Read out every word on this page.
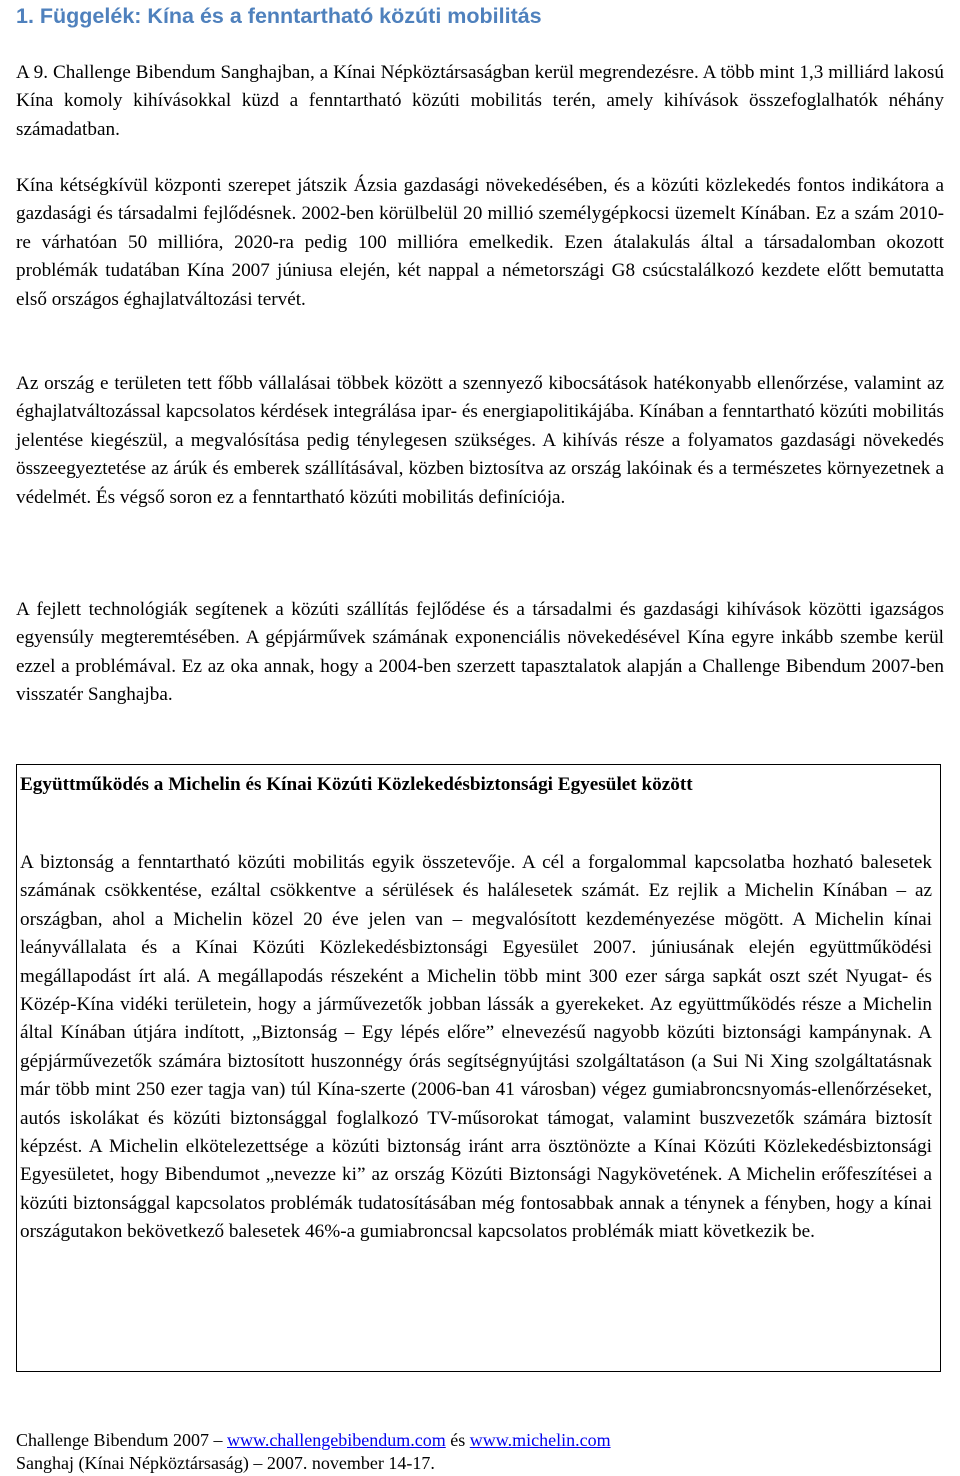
1. Függelék: Kína és a fenntartható közúti mobilitás

A 9. Challenge Bibendum Sanghajban, a Kínai Népköztársaságban kerül megrendezésre. A több mint 1,3 milliárd lakosú Kína komoly kihívásokkal küzd a fenntartható közúti mobilitás terén, amely kihívások összefoglalhatók néhány számadatban.

Kína kétségkívül központi szerepet játszik Ázsia gazdasági növekedésében, és a közúti közlekedés fontos indikátora a gazdasági és társadalmi fejlődésnek. 2002-ben körülbelül 20 millió személygépkocsi üzemelt Kínában. Ez a szám 2010-re várhatóan 50 millióra, 2020-ra pedig 100 millióra emelkedik. Ezen átalakulás által a társadalomban okozott problémák tudatában Kína 2007 júniusa elején, két nappal a németországi G8 csúcstalálkozó kezdete előtt bemutatta első országos éghajlatváltozási tervét.

Az ország e területen tett főbb vállalásai többek között a szennyező kibocsátások hatékonyabb ellenőrzése, valamint az éghajlatváltozással kapcsolatos kérdések integrálása ipar- és energiapolitikájába. Kínában a fenntartható közúti mobilitás jelentése kiegészül, a megvalósítása pedig ténylegesen szükséges. A kihívás része a folyamatos gazdasági növekedés összeegyeztetése az árúk és emberek szállításával, közben biztosítva az ország lakóinak és a természetes környezetnek a védelmét. És végső soron ez a fenntartható közúti mobilitás definíciója.

A fejlett technológiák segítenek a közúti szállítás fejlődése és a társadalmi és gazdasági kihívások közötti igazságos egyensúly megteremtésében. A gépjárművek számának exponenciális növekedésével Kína egyre inkább szembe kerül ezzel a problémával. Ez az oka annak, hogy a 2004-ben szerzett tapasztalatok alapján a Challenge Bibendum 2007-ben visszatér Sanghajba.

Együttműködés a Michelin és Kínai Közúti Közlekedésbiztonsági Egyesület között

A biztonság a fenntartható közúti mobilitás egyik összetevője. A cél a forgalommal kapcsolatba hozható balesetek számának csökkentése, ezáltal csökkentve a sérülések és halálesetek számát. Ez rejlik a Michelin Kínában – az országban, ahol a Michelin közel 20 éve jelen van – megvalósított kezdeményezése mögött. A Michelin kínai leányvállalata és a Kínai Közúti Közlekedésbiztonsági Egyesület 2007. júniusának elején együttműködési megállapodást írt alá. A megállapodás részeként a Michelin több mint 300 ezer sárga sapkát oszt szét Nyugat- és Közép-Kína vidéki területein, hogy a járművezetők jobban lássák a gyerekeket. Az együttműködés része a Michelin által Kínában útjára indított, „Biztonság – Egy lépés előre” elnevezésű nagyobb közúti biztonsági kampánynak. A gépjárművezetők számára biztosított huszonnégy órás segítségnyújtási szolgáltatáson (a Sui Ni Xing szolgáltatásnak már több mint 250 ezer tagja van) túl Kína-szerte (2006-ban 41 városban) végez gumiabroncsnyomás-ellenőrzéseket, autós iskolákat és közúti biztonsággal foglalkozó TV-műsorokat támogat, valamint buszvezetők számára biztosít képzést. A Michelin elkötelezettsége a közúti biztonság iránt arra ösztönözte a Kínai Közúti Közlekedésbiztonsági Egyesületet, hogy Bibendumot „nevezze ki” az ország Közúti Biztonsági Nagykövetének. A Michelin erőfeszítései a közúti biztonsággal kapcsolatos problémák tudatosításában még fontosabbak annak a ténynek a fényben, hogy a kínai országutakon bekövetkező balesetek 46%-a gumiabroncsal kapcsolatos problémák miatt következik be.

Challenge Bibendum 2007 – www.challengebibendum.com és www.michelin.com
Sanghaj (Kínai Népköztársaság) – 2007. november 14-17.
